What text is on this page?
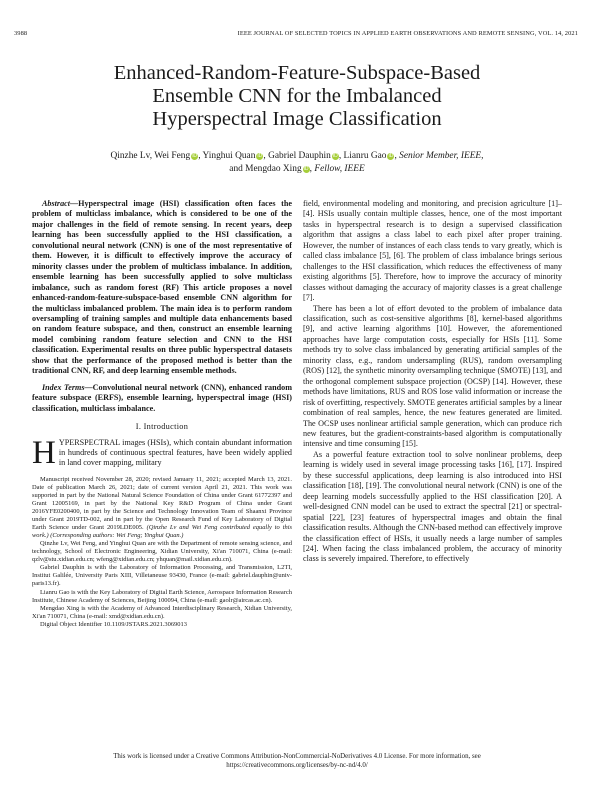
3988	IEEE JOURNAL OF SELECTED TOPICS IN APPLIED EARTH OBSERVATIONS AND REMOTE SENSING, VOL. 14, 2021
Enhanced-Random-Feature-Subspace-Based
Ensemble CNN for the Imbalanced
Hyperspectral Image Classification
Qinzhe Lv, Wei Feng iD, Yinghui Quan iD, Gabriel Dauphin iD, Lianru Gao iD, Senior Member, IEEE,
and Mengdao Xing iD, Fellow, IEEE

Abstract—Hyperspectral image (HSI) classification often faces the problem of multiclass imbalance, which is considered to be one of the major challenges in the field of remote sensing. In recent years, deep learning has been successfully applied to the HSI classification, a convolutional neural network (CNN) is one of the most representative of them. However, it is difficult to effectively improve the accuracy of minority classes under the problem of multiclass imbalance. In addition, ensemble learning has been successfully applied to solve multiclass imbalance, such as random forest (RF) This article proposes a novel enhanced-random-feature-subspace-based ensemble CNN algorithm for the multiclass imbalanced problem. The main idea is to perform random oversampling of training samples and multiple data enhancements based on random feature subspace, and then, construct an ensemble learning model combining random feature selection and CNN to the HSI classification. Experimental results on three public hyperspectral datasets show that the performance of the proposed method is better than the traditional CNN, RF, and deep learning ensemble methods.

Index Terms—Convolutional neural network (CNN), enhanced random feature subspace (ERFS), ensemble learning, hyperspectral image (HSI) classification, multiclass imbalance.

I. Introduction

HYPERSPECTRAL images (HSIs), which contain abundant information in hundreds of continuous spectral features, have been widely applied in land cover mapping, military

Manuscript received November 28, 2020; revised January 11, 2021; accepted March 13, 2021. Date of publication March 26, 2021; date of current version April 21, 2021. This work was supported in part by the National Natural Science Foundation of China under Grant 61772397 and Grant 12005169, in part by the National Key R&D Program of China under Grant 2016YFE0200400, in part by the Science and Technology Innovation Team of Shaanxi Province under Grant 2019TD-002, and in part by the Open Research Fund of Key Laboratory of Digital Earth Science under Grant 2019LDE005. (Qinzhe Lv and Wei Feng contributed equally to this work.) (Corresponding authors: Wei Feng; Yinghui Quan.)

Qinzhe Lv, Wei Feng, and Yinghui Quan are with the Department of remote sensing science, and technology, School of Electronic Engineering, Xidian University, Xi'an 710071, China (e-mail: qzlv@stu.xidian.edu.cn; wfeng@xidian.edu.cn; yhquan@mail.xidian.edu.cn).

Gabriel Dauphin is with the Laboratory of Information Processing, and Transmission, L2TI, Institut Galilée, University Paris XIII, Villetaneuse 93430, France (e-mail: gabriel.dauphin@univ-paris13.fr).

Lianru Gao is with the Key Laboratory of Digital Earth Science, Aerospace Information Research Institute, Chinese Academy of Sciences, Beijing 100094, China (e-mail: gaolr@aircas.ac.cn).

Mengdao Xing is with the Academy of Advanced Interdisciplinary Research, Xidian University, Xi'an 710071, China (e-mail: xmd@xidian.edu.cn).

Digital Object Identifier 10.1109/JSTARS.2021.3069013

field, environmental modeling and monitoring, and precision agriculture [1]–[4]. HSIs usually contain multiple classes, hence, one of the most important tasks in hyperspectral research is to design a supervised classification algorithm that assigns a class label to each pixel after proper training. However, the number of instances of each class tends to vary greatly, which is called class imbalance [5], [6]. The problem of class imbalance brings serious challenges to the HSI classification, which reduces the effectiveness of many existing algorithms [5]. Therefore, how to improve the accuracy of minority classes without damaging the accuracy of majority classes is a great challenge [7].

There has been a lot of effort devoted to the problem of imbalance data classification, such as cost-sensitive algorithms [8], kernel-based algorithms [9], and active learning algorithms [10]. However, the aforementioned approaches have large computation costs, especially for HSIs [11]. Some methods try to solve class imbalanced by generating artificial samples of the minority class, e.g., random undersampling (RUS), random oversampling (ROS) [12], the synthetic minority oversampling technique (SMOTE) [13], and the orthogonal complement subspace projection (OCSP) [14]. However, these methods have limitations, RUS and ROS lose valid information or increase the risk of overfitting, respectively. SMOTE generates artificial samples by a linear combination of real samples, hence, the new features generated are limited. The OCSP uses nonlinear artificial sample generation, which can produce rich new features, but the gradient-constraints-based algorithm is computationally intensive and time consuming [15].

As a powerful feature extraction tool to solve nonlinear problems, deep learning is widely used in several image processing tasks [16], [17]. Inspired by these successful applications, deep learning is also introduced into HSI classification [18], [19]. The convolutional neural network (CNN) is one of the deep learning models successfully applied to the HSI classification [20]. A well-designed CNN model can be used to extract the spectral [21] or spectral-spatial [22], [23] features of hyperspectral images and obtain the final classification results. Although the CNN-based method can effectively improve the classification effect of HSIs, it usually needs a large number of samples [24]. When facing the class imbalanced problem, the accuracy of minority class is severely impaired. Therefore, to effectively

This work is licensed under a Creative Commons Attribution-NonCommercial-NoDerivatives 4.0 License. For more information, see
https://creativecommons.org/licenses/by-nc-nd/4.0/
